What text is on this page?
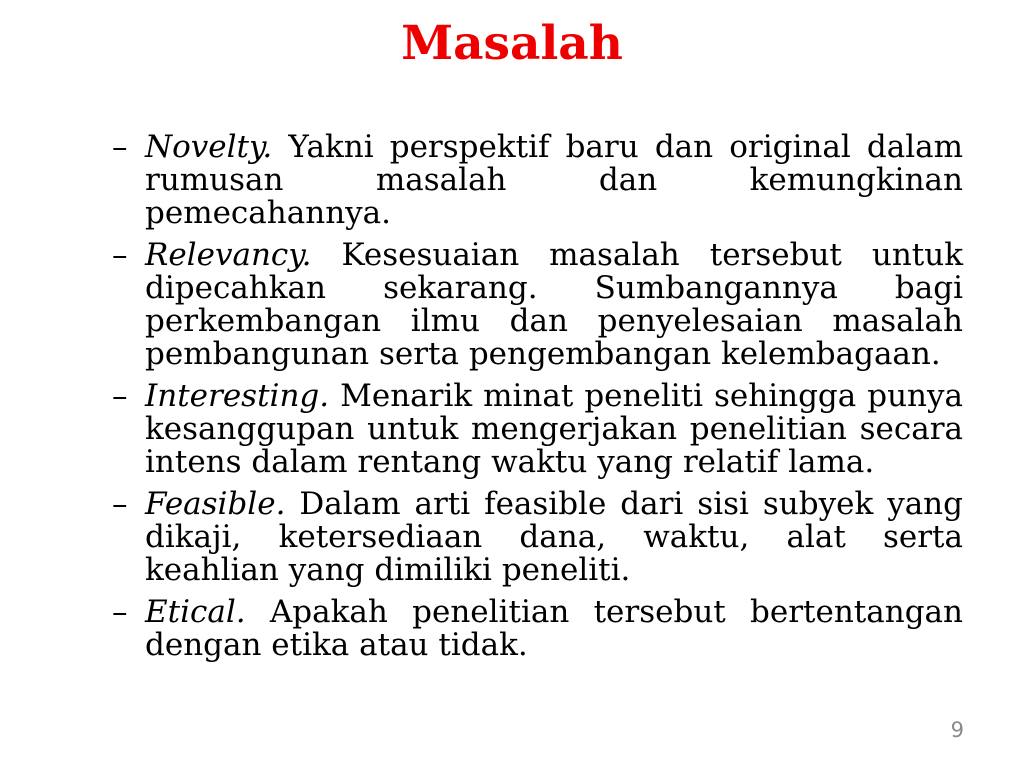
Masalah
– Novelty. Yakni perspektif baru dan original dalam rumusan masalah dan kemungkinan pemecahannya.

– Relevancy. Kesesuaian masalah tersebut untuk dipecahkan sekarang. Sumbangannya bagi perkembangan ilmu dan penyelesaian masalah pembangunan serta pengembangan kelembagaan.

– Interesting. Menarik minat peneliti sehingga punya kesanggupan untuk mengerjakan penelitian secara intens dalam rentang waktu yang relatif lama.

– Feasible. Dalam arti feasible dari sisi subyek yang dikaji, ketersediaan dana, waktu, alat serta keahlian yang dimiliki peneliti.

– Etical. Apakah penelitian tersebut bertentangan dengan etika atau tidak.

9
